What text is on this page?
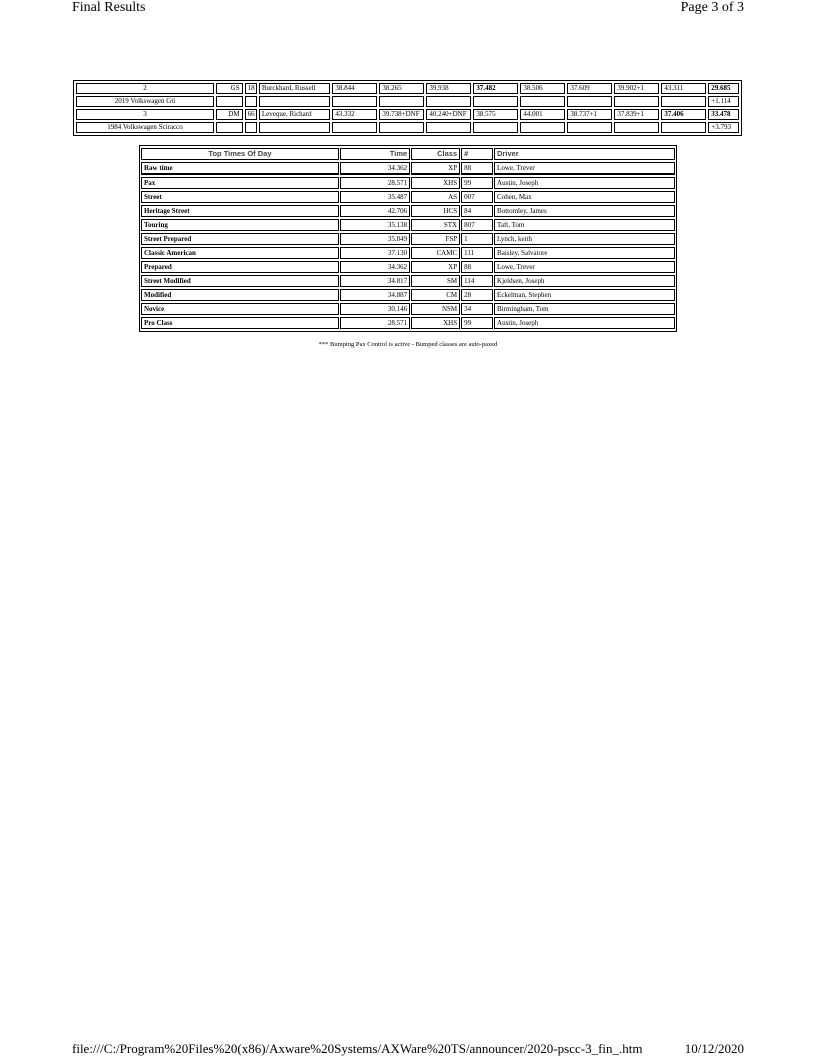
Final Results	Page 3 of 3
2	GS	18	Burckhard, Russell	38.844	38.265	39.938	37.482	38.506	37.609	39.902+1	43.311	29.685
2019 Volkswagen Gti												+1.114
3	DM	66	Leveque, Richard	43.332	39.738+DNF	40.240+DNF	38.575	44.001	38.737+1	37.839+1	37.406	33.478
1984 Volkswagen Sciracco												+3.793
Top Times Of Day	Time	Class	#	Driver
Raw time	34.362	XP	88	Lowe, Trever
Pax	28.571	XHS	99	Austin, Joseph
Street	35.487	AS	007	Cohen, Max
Heritage Street	42.706	HCS	84	Bottomley, James
Touring	35.138	STX	807	Taft, Tom
Street Prepared	35.849	FSP	1	Lynch, keith
Classic American	37.130	CAMC	111	Baisley, Salvatore
Prepared	34.362	XP	88	Lowe, Trever
Street Modified	34.817	SM	114	Kjeldsen, Joseph
Modified	34.887	CM	28	Eckelman, Stephen
Novice	30.146	NSM	34	Birmingham, Tom
Pro Class	28.571	XHS	99	Austin, Joseph
*** Bumping Pax Control is active - Bumped classes are auto-paxed
file:///C:/Program%20Files%20(x86)/Axware%20Systems/AXWare%20TS/announcer/2020-pscc-3_fin_.htm	10/12/2020
